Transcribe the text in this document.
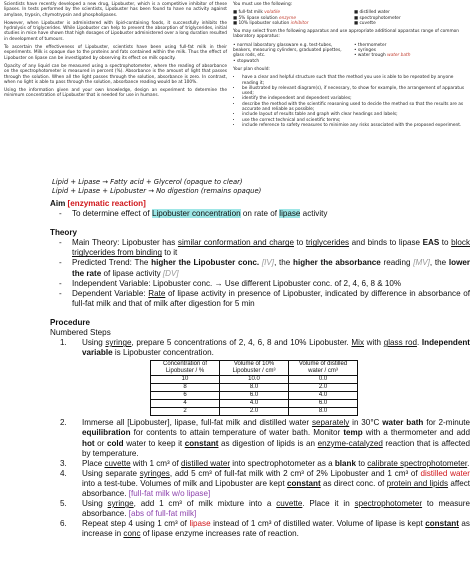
Scientists have recently developed a new drug, Lipobuster, which is a competitive inhibitor of these lipases. In tests performed by the scientists, Lipobuster has been found to have no activity against amylase, trypsin, chymotrypsin and phospholipases.

However, when Lipobuster is administered with lipid-containing foods, it successfully inhibits the hydrolysis of triglycerides. While Lipobuster can help to prevent the absorption of triglycerides, initial studies in mice have shown that high dosages of Lipobuster administered over a long duration resulted in development of tumours.

To ascertain the effectiveness of Lipobuster, scientists have been using full-fat milk in their experiments. Milk is opaque due to the proteins and fats contained within the milk. Thus the effect of Lipobuster on lipase can be investigated by observing its effect on milk opacity.

Opacity of any liquid can be measured using a spectrophotometer, where the reading of absorbance on the spectrophotometer is measured in percent (%). Absorbance is the amount of light that passes through the solution. When all the light passes through the solution, absorbance is zero. In contrast, when no light is able to pass through the solution, absorbance reading would be at 100%.

Using the information given and your own knowledge, design an experiment to determine the minimum concentration of Lipobuster that is needed for use in humans.

You must use the following:

■ full-fat milk volatile	■ distilled water
■ 5% lipase solution enzyme	■ spectrophotometer
■ 10% lipobuster solution inhibitor	■ cuvette

You may select from the following apparatus and use appropriate additional apparatus range of common laboratory apparatus:

• normal laboratory glassware e.g. test-tubes, beakers, measuring cylinders, graduated pipettes, glass rods, etc.
• thermometer
• syringes
• water trough water bath
• stopwatch

Your plan should:

• have a clear and helpful structure such that the method you use is able to be repeated by anyone reading it;
• be illustrated by relevant diagram(s), if necessary, to show for example, the arrangement of apparatus used;
• identify the independent and dependent variables;
• describe the method with the scientific reasoning used to decide the method so that the results are as accurate and reliable as possible;
• include layout of results table and graph with clear headings and labels;
• use the correct technical and scientific terms;
• include reference to safety measures to minimise any risks associated with the proposed experiment.
Lipid + Lipase → Fatty acid + Glycerol (opaque to clear)
Lipid + Lipase + Lipobuster → No digestion (remains opaque)
Aim [enzymatic reaction]
-	To determine effect of Lipobuster concentration on rate of lipase activity
Theory
-	Main Theory: Lipobuster has similar conformation and charge to triglycerides and binds to lipase EAS to block triglycerides from binding to it
-	Predicted Trend: The higher the Lipobuster conc. [IV], the higher the absorbance reading [MV], the lower the rate of lipase activity [DV]
-	Independent Variable: Lipobuster conc. → Use different Lipobuster conc. of 2, 4, 6, 8 & 10%
-	Dependent Variable: Rate of lipase activity in presence of Lipobuster, indicated by difference in absorbance of full-fat milk and that of milk after digestion for 5 min
Procedure
Numbered Steps
1.	Using syringe, prepare 5 concentrations of 2, 4, 6, 8 and 10% Lipobuster. Mix with glass rod. Independent variable is Lipobuster concentration.
Concentration of Lipobuster / %	Volume of 10% Lipobuster / cm³	Volume of distilled water / cm³
10	10.0	0.0
8	8.0	2.0
6	6.0	4.0
4	4.0	6.0
2	2.0	8.0
2.	Immerse all [Lipobuster], lipase, full-fat milk and distilled water separately in 30°C water bath for 2-minute equilibration for contents to attain temperature of water bath. Monitor temp with a thermometer and add hot or cold water to keep it constant as digestion of lipids is an enzyme-catalyzed reaction that is affected by temperature.
3.	Place cuvette with 1 cm³ of distilled water into spectrophotometer as a blank to calibrate spectrophotometer.
4.	Using separate syringes, add 5 cm³ of full-fat milk with 2 cm³ of 2% Lipobuster and 1 cm³ of distilled water into a test-tube. Volumes of milk and Lipobuster are kept constant as direct conc. of protein and lipids affect absorbance. [full-fat milk w/o lipase]
5.	Using syringe, add 1 cm³ of milk mixture into a cuvette. Place it in spectrophotometer to measure absorbance. [abs of full-fat milk]
6.	Repeat step 4 using 1 cm³ of lipase instead of 1 cm³ of distilled water. Volume of lipase is kept constant as increase in conc of lipase enzyme increases rate of reaction.
